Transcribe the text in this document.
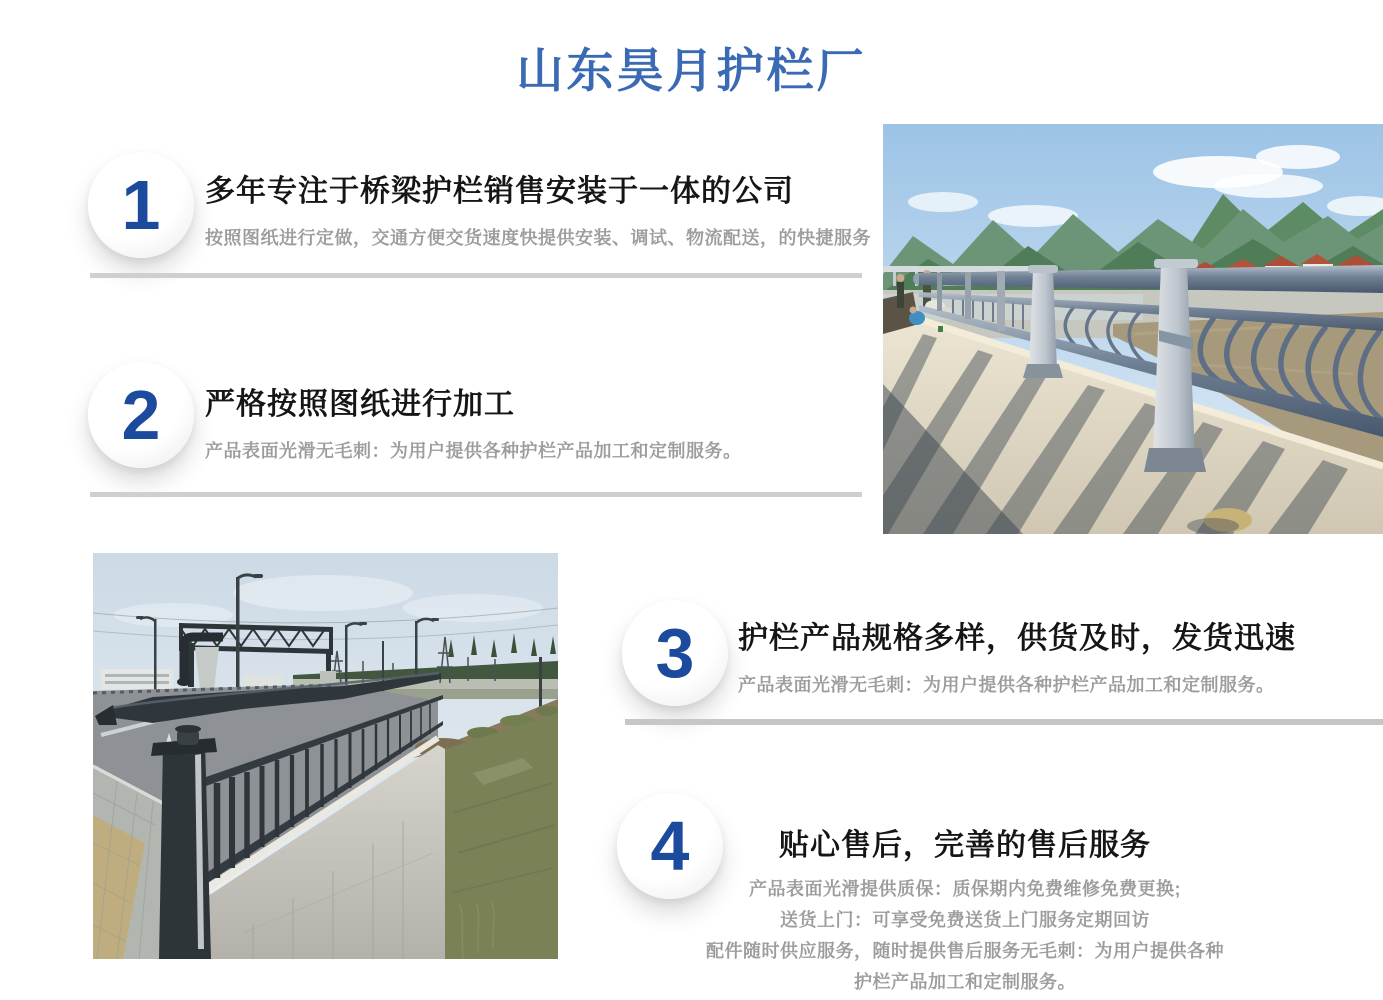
山东昊月护栏厂
1 多年专注于桥梁护栏销售安装于一体的公司

按照图纸进行定做，交通方便交货速度快提供安装、调试、物流配送，的快捷服务

2 严格按照图纸进行加工

产品表面光滑无毛刺：为用户提供各种护栏产品加工和定制服务。

3 护栏产品规格多样，供货及时，发货迅速

产品表面光滑无毛刺：为用户提供各种护栏产品加工和定制服务。

4	贴心售后，完善的售后服务
产品表面光滑提供质保：质保期内免费维修免费更换;
送货上门：可享受免费送货上门服务定期回访
配件随时供应服务，随时提供售后服务无毛刺：为用户提供各种
护栏产品加工和定制服务。
